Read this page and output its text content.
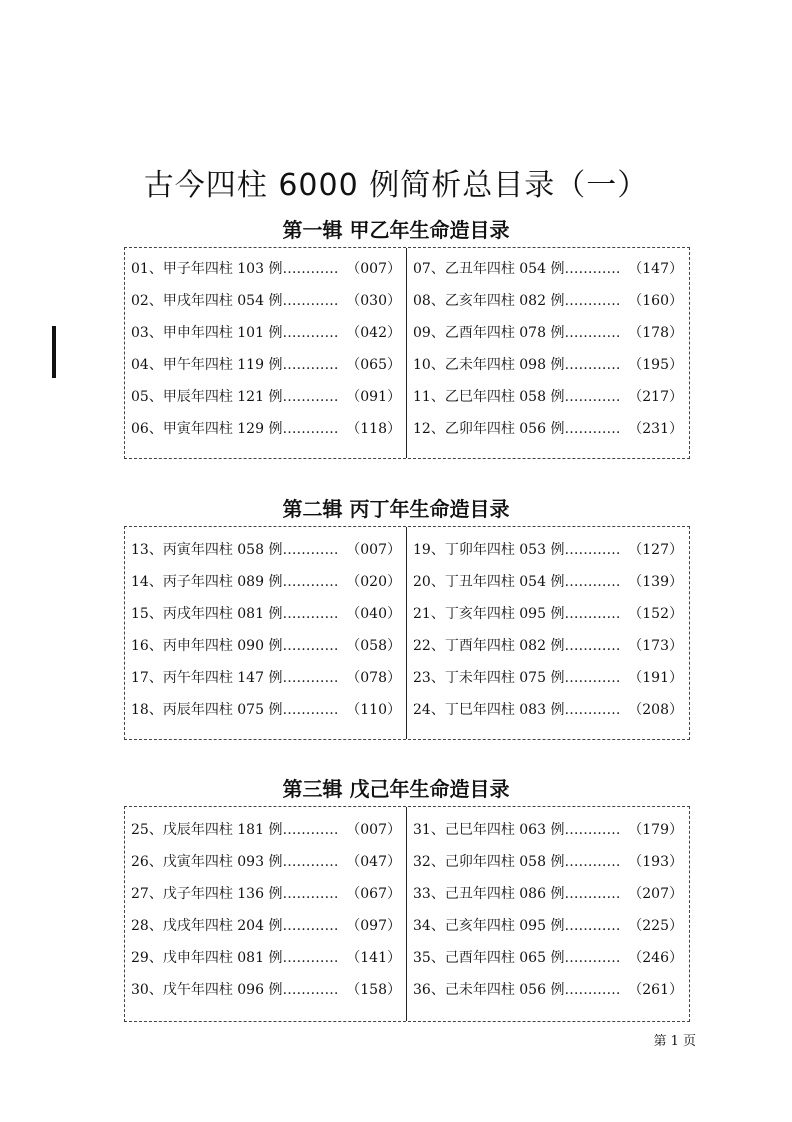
古今四柱 6000 例简析总目录（一）
第一辑 甲乙年生命造目录
01、 甲子年四柱 103 例 ………… （007）
02、 甲戌年四柱 054 例 ………… （030）
03、 甲申年四柱 101 例 ………… （042）
04、 甲午年四柱 119 例 ………… （065）
05、 甲辰年四柱 121 例 ………… （091）
06、 甲寅年四柱 129 例 ………… （118）
07、 乙丑年四柱 054 例 ………… （147）
08、 乙亥年四柱 082 例 ………… （160）
09、 乙酉年四柱 078 例 ………… （178）
10、 乙未年四柱 098 例 ………… （195）
11、 乙巳年四柱 058 例 ………… （217）
12、 乙卯年四柱 056 例 ………… （231）
第二辑 丙丁年生命造目录
13、 丙寅年四柱 058 例 ………… （007）
14、 丙子年四柱 089 例 ………… （020）
15、 丙戌年四柱 081 例 ………… （040）
16、 丙申年四柱 090 例 ………… （058）
17、 丙午年四柱 147 例 ………… （078）
18、 丙辰年四柱 075 例 ………… （110）
19、 丁卯年四柱 053 例 ………… （127）
20、 丁丑年四柱 054 例 ………… （139）
21、 丁亥年四柱 095 例 ………… （152）
22、 丁酉年四柱 082 例 ………… （173）
23、 丁未年四柱 075 例 ………… （191）
24、 丁巳年四柱 083 例 ………… （208）
第三辑 戊己年生命造目录
25、 戊辰年四柱 181 例 ………… （007）
26、 戊寅年四柱 093 例 ………… （047）
27、 戊子年四柱 136 例 ………… （067）
28、 戊戌年四柱 204 例 ………… （097）
29、 戊申年四柱 081 例 ………… （141）
30、 戊午年四柱 096 例 ………… （158）
31、 己巳年四柱 063 例 ………… （179）
32、 己卯年四柱 058 例 ………… （193）
33、 己丑年四柱 086 例 ………… （207）
34、 己亥年四柱 095 例 ………… （225）
35、 己酉年四柱 065 例 ………… （246）
36、 己未年四柱 056 例 ………… （261）
第 1 页
